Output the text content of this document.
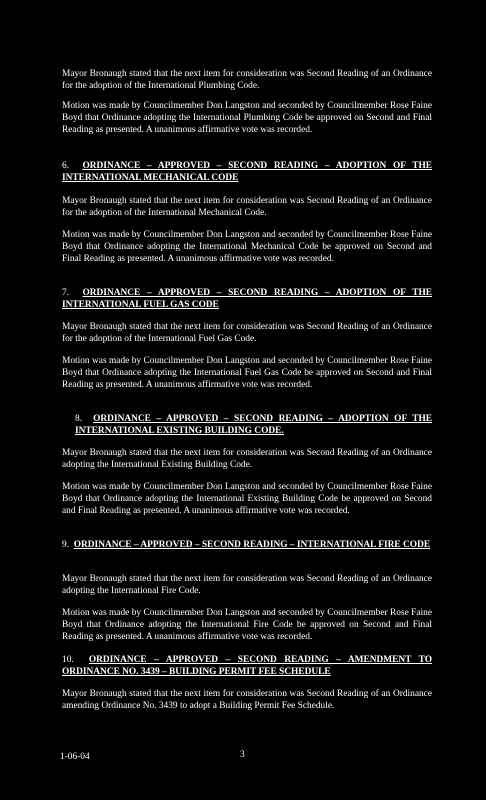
Mayor Bronaugh stated that the next item for consideration was Second Reading of an Ordinance for the adoption of the International Plumbing Code.
Motion was made by Councilmember Don Langston and seconded by Councilmember Rose Faine Boyd that Ordinance adopting the International Plumbing Code be approved on Second and Final Reading as presented. A unanimous affirmative vote was recorded.
6. ORDINANCE – APPROVED – SECOND READING – ADOPTION OF THE INTERNATIONAL MECHANICAL CODE
Mayor Bronaugh stated that the next item for consideration was Second Reading of an Ordinance for the adoption of the International Mechanical Code.
Motion was made by Councilmember Don Langston and seconded by Councilmember Rose Faine Boyd that Ordinance adopting the International Mechanical Code be approved on Second and Final Reading as presented. A unanimous affirmative vote was recorded.
7. ORDINANCE – APPROVED – SECOND READING – ADOPTION OF THE INTERNATIONAL FUEL GAS CODE
Mayor Bronaugh stated that the next item for consideration was Second Reading of an Ordinance for the adoption of the International Fuel Gas Code.
Motion was made by Councilmember Don Langston and seconded by Councilmember Rose Faine Boyd that Ordinance adopting the International Fuel Gas Code be approved on Second and Final Reading as presented. A unanimous affirmative vote was recorded.
8. ORDINANCE – APPROVED – SECOND READING – ADOPTION OF THE INTERNATIONAL EXISTING BUILDING CODE.
Mayor Bronaugh stated that the next item for consideration was Second Reading of an Ordinance adopting the International Existing Building Code.
Motion was made by Councilmember Don Langston and seconded by Councilmember Rose Faine Boyd that Ordinance adopting the International Existing Building Code be approved on Second and Final Reading as presented. A unanimous affirmative vote was recorded.
9. ORDINANCE – APPROVED – SECOND READING – INTERNATIONAL FIRE CODE
Mayor Bronaugh stated that the next item for consideration was Second Reading of an Ordinance adopting the International Fire Code.
Motion was made by Councilmember Don Langston and seconded by Councilmember Rose Faine Boyd that Ordinance adopting the International Fire Code be approved on Second and Final Reading as presented. A unanimous affirmative vote was recorded.
10. ORDINANCE – APPROVED – SECOND READING – AMENDMENT TO ORDINANCE NO. 3439 – BUILDING PERMIT FEE SCHEDULE
Mayor Bronaugh stated that the next item for consideration was Second Reading of an Ordinance amending Ordinance No. 3439 to adopt a Building Permit Fee Schedule.
1-06-04	3
